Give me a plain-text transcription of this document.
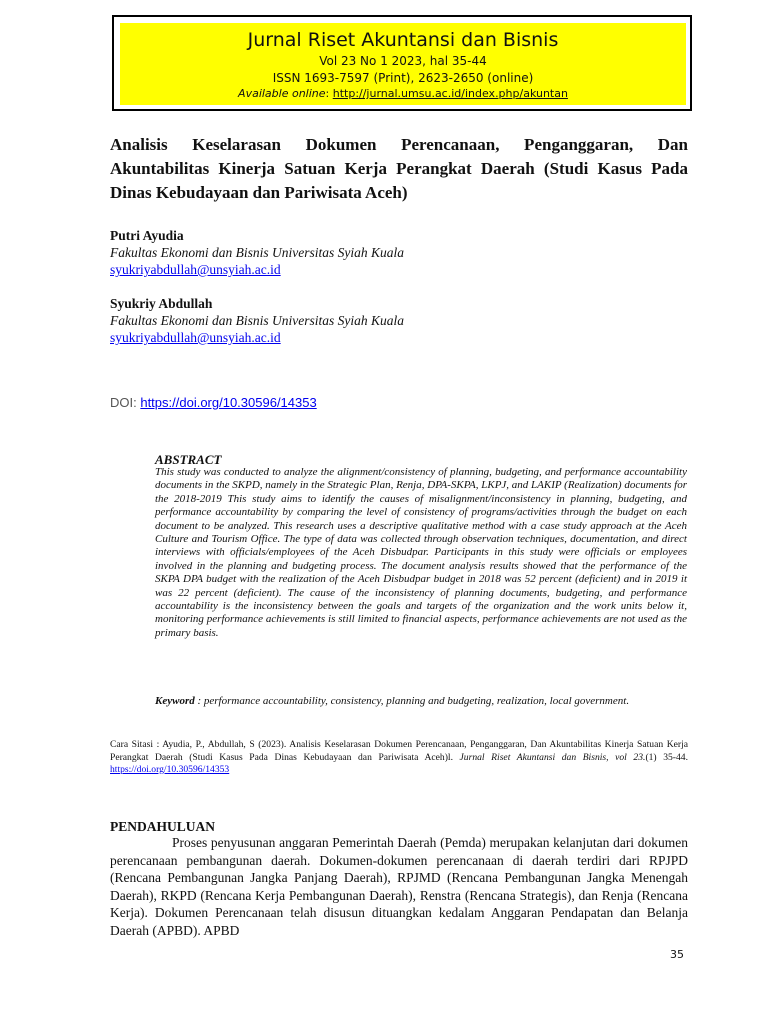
Jurnal Riset Akuntansi dan Bisnis
Vol 23 No 1 2023, hal 35-44
ISSN 1693-7597 (Print), 2623-2650 (online)
Available online: http://jurnal.umsu.ac.id/index.php/akuntan
Analisis Keselarasan Dokumen Perencanaan, Penganggaran, Dan Akuntabilitas Kinerja Satuan Kerja Perangkat Daerah (Studi Kasus Pada Dinas Kebudayaan dan Pariwisata Aceh)
Putri Ayudia
Fakultas Ekonomi dan Bisnis Universitas Syiah Kuala
syukriyabdullah@unsyiah.ac.id
Syukriy Abdullah
Fakultas Ekonomi dan Bisnis Universitas Syiah Kuala
syukriyabdullah@unsyiah.ac.id
DOI: https://doi.org/10.30596/14353
ABSTRACT
This study was conducted to analyze the alignment/consistency of planning, budgeting, and performance accountability documents in the SKPD, namely in the Strategic Plan, Renja, DPA-SKPA, LKPJ, and LAKIP (Realization) documents for the 2018-2019 This study aims to identify the causes of misalignment/inconsistency in planning, budgeting, and performance accountability by comparing the level of consistency of programs/activities through the budget on each document to be analyzed. This research uses a descriptive qualitative method with a case study approach at the Aceh Culture and Tourism Office. The type of data was collected through observation techniques, documentation, and direct interviews with officials/employees of the Aceh Disbudpar. Participants in this study were officials or employees involved in the planning and budgeting process. The document analysis results showed that the performance of the SKPA DPA budget with the realization of the Aceh Disbudpar budget in 2018 was 52 percent (deficient) and in 2019 it was 22 percent (deficient). The cause of the inconsistency of planning documents, budgeting, and performance accountability is the inconsistency between the goals and targets of the organization and the work units below it, monitoring performance achievements is still limited to financial aspects, performance achievements are not used as the primary basis.
Keyword : performance accountability, consistency, planning and budgeting, realization, local government.
Cara Sitasi : Ayudia, P., Abdullah, S (2023). Analisis Keselarasan Dokumen Perencanaan, Penganggaran, Dan Akuntabilitas Kinerja Satuan Kerja Perangkat Daerah (Studi Kasus Pada Dinas Kebudayaan dan Pariwisata Aceh)l. Jurnal Riset Akuntansi dan Bisnis, vol 23.(1) 35-44. https://doi.org/10.30596/14353
PENDAHULUAN
Proses penyusunan anggaran Pemerintah Daerah (Pemda) merupakan kelanjutan dari dokumen perencanaan pembangunan daerah. Dokumen-dokumen perencanaan di daerah terdiri dari RPJPD (Rencana Pembangunan Jangka Panjang Daerah), RPJMD (Rencana Pembangunan Jangka Menengah Daerah), RKPD (Rencana Kerja Pembangunan Daerah), Renstra (Rencana Strategis), dan Renja (Rencana Kerja). Dokumen Perencanaan telah disusun dituangkan kedalam Anggaran Pendapatan dan Belanja Daerah (APBD). APBD
35
